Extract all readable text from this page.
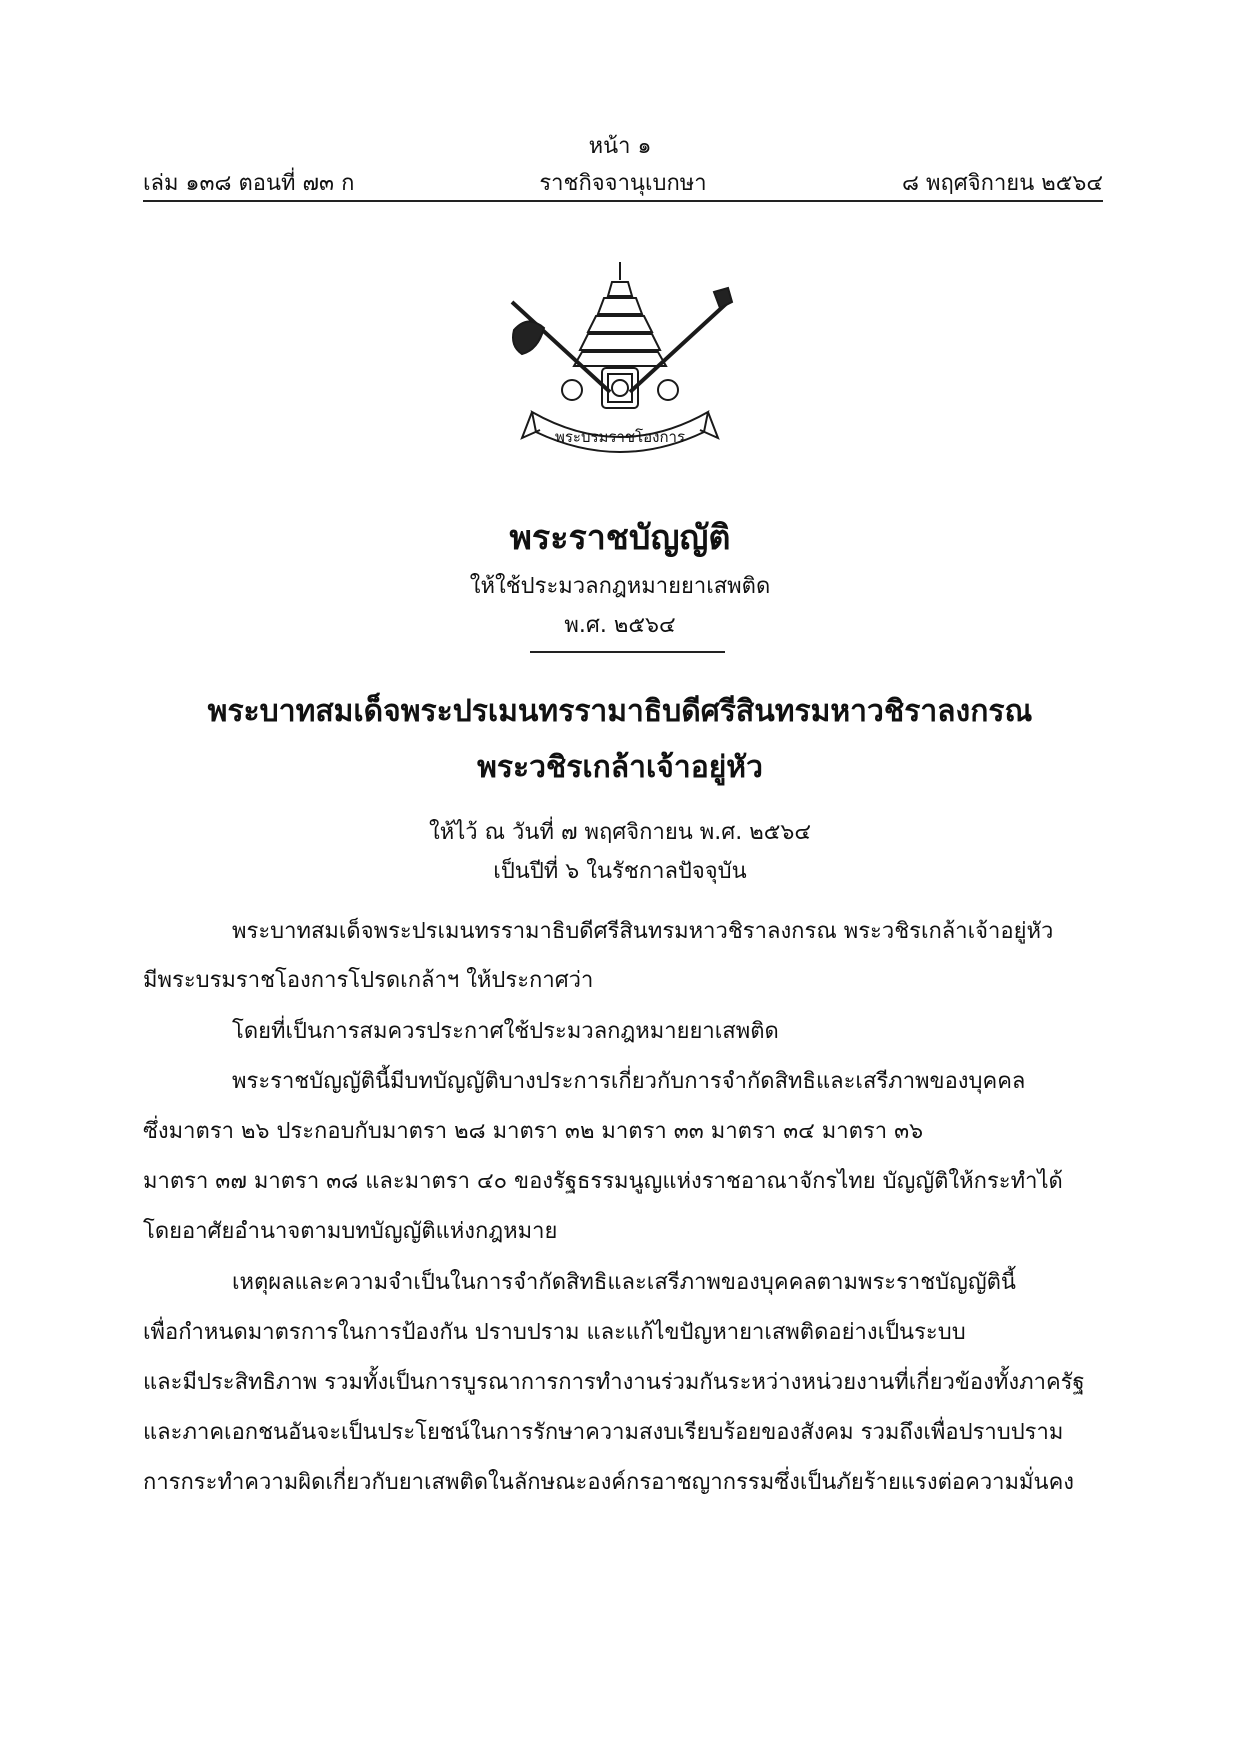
หน้า ๑
ราชกิจจานุเบกษา
เล่ม ๑๓๘ ตอนที่ ๗๓ ก	๘ พฤศจิกายน ๒๕๖๔
พระบรมราชโองการ
พระราชบัญญัติ
ให้ใช้ประมวลกฎหมายยาเสพติด
พ.ศ. ๒๕๖๔
พระบาทสมเด็จพระปรเมนทรรามาธิบดีศรีสินทรมหาวชิราลงกรณ
พระวชิรเกล้าเจ้าอยู่หัว
ให้ไว้ ณ วันที่ ๗ พฤศจิกายน พ.ศ. ๒๕๖๔
เป็นปีที่ ๖ ในรัชกาลปัจจุบัน
พระบาทสมเด็จพระปรเมนทรรามาธิบดีศรีสินทรมหาวชิราลงกรณ พระวชิรเกล้าเจ้าอยู่หัว
มีพระบรมราชโองการโปรดเกล้าฯ ให้ประกาศว่า
โดยที่เป็นการสมควรประกาศใช้ประมวลกฎหมายยาเสพติด
พระราชบัญญัตินี้มีบทบัญญัติบางประการเกี่ยวกับการจำกัดสิทธิและเสรีภาพของบุคคล
ซึ่งมาตรา ๒๖ ประกอบกับมาตรา ๒๘ มาตรา ๓๒ มาตรา ๓๓ มาตรา ๓๔ มาตรา ๓๖
มาตรา ๓๗ มาตรา ๓๘ และมาตรา ๔๐ ของรัฐธรรมนูญแห่งราชอาณาจักรไทย บัญญัติให้กระทำได้
โดยอาศัยอำนาจตามบทบัญญัติแห่งกฎหมาย
เหตุผลและความจำเป็นในการจำกัดสิทธิและเสรีภาพของบุคคลตามพระราชบัญญัตินี้
เพื่อกำหนดมาตรการในการป้องกัน ปราบปราม และแก้ไขปัญหายาเสพติดอย่างเป็นระบบ
และมีประสิทธิภาพ รวมทั้งเป็นการบูรณาการการทำงานร่วมกันระหว่างหน่วยงานที่เกี่ยวข้องทั้งภาครัฐ
และภาคเอกชนอันจะเป็นประโยชน์ในการรักษาความสงบเรียบร้อยของสังคม รวมถึงเพื่อปราบปราม
การกระทำความผิดเกี่ยวกับยาเสพติดในลักษณะองค์กรอาชญากรรมซึ่งเป็นภัยร้ายแรงต่อความมั่นคง
